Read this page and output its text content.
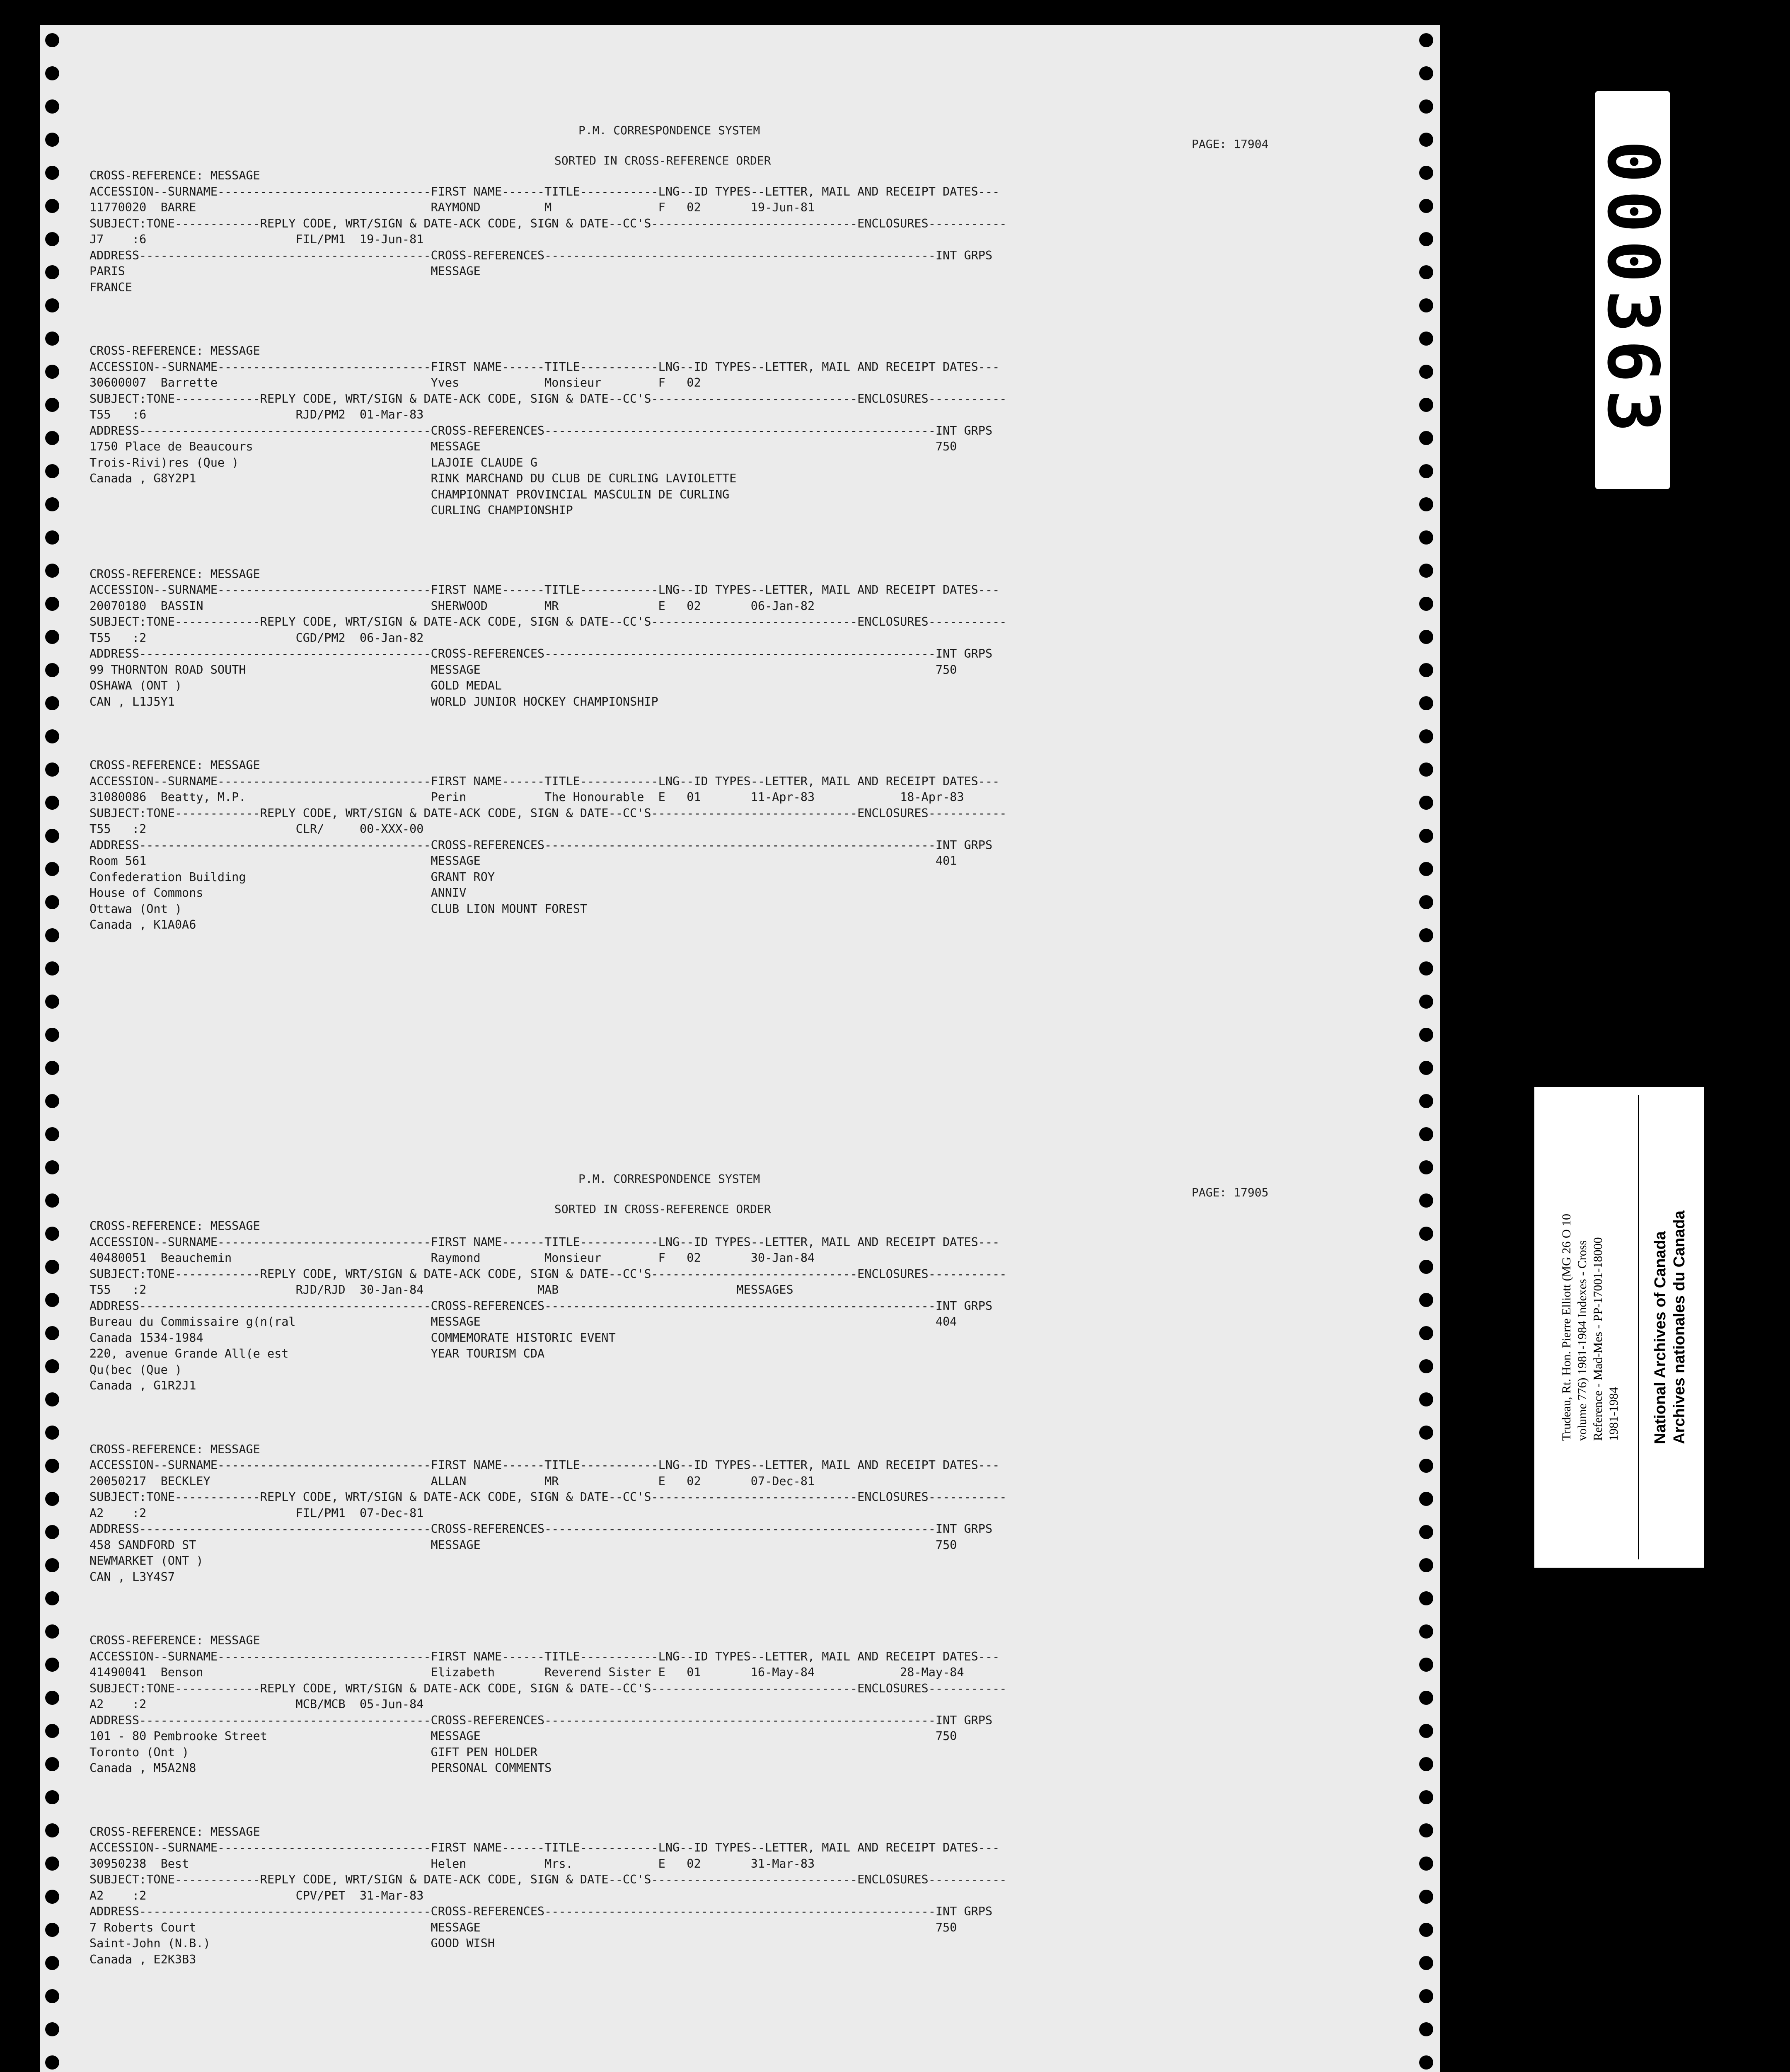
P.M. CORRESPONDENCE SYSTEM

PAGE: 17904

SORTED IN CROSS-REFERENCE ORDER

CROSS-REFERENCE: MESSAGE
ACCESSION--SURNAME------------------------------FIRST NAME------TITLE-----------LNG--ID TYPES--LETTER, MAIL AND RECEIPT DATES---
11770020  BARRE                                 RAYMOND         M               F   02       19-Jun-81
SUBJECT:TONE------------REPLY CODE, WRT/SIGN & DATE-ACK CODE, SIGN & DATE--CC'S-----------------------------ENCLOSURES-----------
J7    :6                     FIL/PM1  19-Jun-81
ADDRESS-----------------------------------------CROSS-REFERENCES-------------------------------------------------------INT GRPS
PARIS                                           MESSAGE
FRANCE
CROSS-REFERENCE: MESSAGE
ACCESSION--SURNAME------------------------------FIRST NAME------TITLE-----------LNG--ID TYPES--LETTER, MAIL AND RECEIPT DATES---
30600007  Barrette                              Yves            Monsieur        F   02
SUBJECT:TONE------------REPLY CODE, WRT/SIGN & DATE-ACK CODE, SIGN & DATE--CC'S-----------------------------ENCLOSURES-----------
T55   :6                     RJD/PM2  01-Mar-83
ADDRESS-----------------------------------------CROSS-REFERENCES-------------------------------------------------------INT GRPS
1750 Place de Beaucours                         MESSAGE                                                                750
Trois-Rivi)res (Que )                           LAJOIE CLAUDE G
Canada , G8Y2P1                                 RINK MARCHAND DU CLUB DE CURLING LAVIOLETTE
CHAMPIONNAT PROVINCIAL MASCULIN DE CURLING
CURLING CHAMPIONSHIP
CROSS-REFERENCE: MESSAGE
ACCESSION--SURNAME------------------------------FIRST NAME------TITLE-----------LNG--ID TYPES--LETTER, MAIL AND RECEIPT DATES---
20070180  BASSIN                                SHERWOOD        MR              E   02       06-Jan-82
SUBJECT:TONE------------REPLY CODE, WRT/SIGN & DATE-ACK CODE, SIGN & DATE--CC'S-----------------------------ENCLOSURES-----------
T55   :2                     CGD/PM2  06-Jan-82
ADDRESS-----------------------------------------CROSS-REFERENCES-------------------------------------------------------INT GRPS
99 THORNTON ROAD SOUTH                          MESSAGE                                                                750
OSHAWA (ONT )                                   GOLD MEDAL
CAN , L1J5Y1                                    WORLD JUNIOR HOCKEY CHAMPIONSHIP
CROSS-REFERENCE: MESSAGE
ACCESSION--SURNAME------------------------------FIRST NAME------TITLE-----------LNG--ID TYPES--LETTER, MAIL AND RECEIPT DATES---
31080086  Beatty, M.P.                          Perin           The Honourable  E   01       11-Apr-83            18-Apr-83
SUBJECT:TONE------------REPLY CODE, WRT/SIGN & DATE-ACK CODE, SIGN & DATE--CC'S-----------------------------ENCLOSURES-----------
T55   :2                     CLR/     00-XXX-00
ADDRESS-----------------------------------------CROSS-REFERENCES-------------------------------------------------------INT GRPS
Room 561                                        MESSAGE                                                                401
Confederation Building                          GRANT ROY
House of Commons                                ANNIV
Ottawa (Ont )                                   CLUB LION MOUNT FOREST
Canada , K1A0A6

P.M. CORRESPONDENCE SYSTEM

PAGE: 17905

SORTED IN CROSS-REFERENCE ORDER

CROSS-REFERENCE: MESSAGE
ACCESSION--SURNAME------------------------------FIRST NAME------TITLE-----------LNG--ID TYPES--LETTER, MAIL AND RECEIPT DATES---
40480051  Beauchemin                            Raymond         Monsieur        F   02       30-Jan-84
SUBJECT:TONE------------REPLY CODE, WRT/SIGN & DATE-ACK CODE, SIGN & DATE--CC'S-----------------------------ENCLOSURES-----------
T55   :2                     RJD/RJD  30-Jan-84                MAB                         MESSAGES
ADDRESS-----------------------------------------CROSS-REFERENCES-------------------------------------------------------INT GRPS
Bureau du Commissaire g(n(ral                   MESSAGE                                                                404
Canada 1534-1984                                COMMEMORATE HISTORIC EVENT
220, avenue Grande All(e est                    YEAR TOURISM CDA
Qu(bec (Que )
Canada , G1R2J1
CROSS-REFERENCE: MESSAGE
ACCESSION--SURNAME------------------------------FIRST NAME------TITLE-----------LNG--ID TYPES--LETTER, MAIL AND RECEIPT DATES---
20050217  BECKLEY                               ALLAN           MR              E   02       07-Dec-81
SUBJECT:TONE------------REPLY CODE, WRT/SIGN & DATE-ACK CODE, SIGN & DATE--CC'S-----------------------------ENCLOSURES-----------
A2    :2                     FIL/PM1  07-Dec-81
ADDRESS-----------------------------------------CROSS-REFERENCES-------------------------------------------------------INT GRPS
458 SANDFORD ST                                 MESSAGE                                                                750
NEWMARKET (ONT )
CAN , L3Y4S7
CROSS-REFERENCE: MESSAGE
ACCESSION--SURNAME------------------------------FIRST NAME------TITLE-----------LNG--ID TYPES--LETTER, MAIL AND RECEIPT DATES---
41490041  Benson                                Elizabeth       Reverend Sister E   01       16-May-84            28-May-84
SUBJECT:TONE------------REPLY CODE, WRT/SIGN & DATE-ACK CODE, SIGN & DATE--CC'S-----------------------------ENCLOSURES-----------
A2    :2                     MCB/MCB  05-Jun-84
ADDRESS-----------------------------------------CROSS-REFERENCES-------------------------------------------------------INT GRPS
101 - 80 Pembrooke Street                       MESSAGE                                                                750
Toronto (Ont )                                  GIFT PEN HOLDER
Canada , M5A2N8                                 PERSONAL COMMENTS
CROSS-REFERENCE: MESSAGE
ACCESSION--SURNAME------------------------------FIRST NAME------TITLE-----------LNG--ID TYPES--LETTER, MAIL AND RECEIPT DATES---
30950238  Best                                  Helen           Mrs.            E   02       31-Mar-83
SUBJECT:TONE------------REPLY CODE, WRT/SIGN & DATE-ACK CODE, SIGN & DATE--CC'S-----------------------------ENCLOSURES-----------
A2    :2                     CPV/PET  31-Mar-83
ADDRESS-----------------------------------------CROSS-REFERENCES-------------------------------------------------------INT GRPS
7 Roberts Court                                 MESSAGE                                                                750
Saint-John (N.B.)                               GOOD WISH
Canada , E2K3B3
000363
Trudeau, Rt. Hon. Pierre Elliott (MG 26 O 10 volume 776) 1981-1984 Indexes - Cross Reference - Mad-Mes - PP-17001-18000 1981-1984 National Archives of Canada Archives nationales du Canada
